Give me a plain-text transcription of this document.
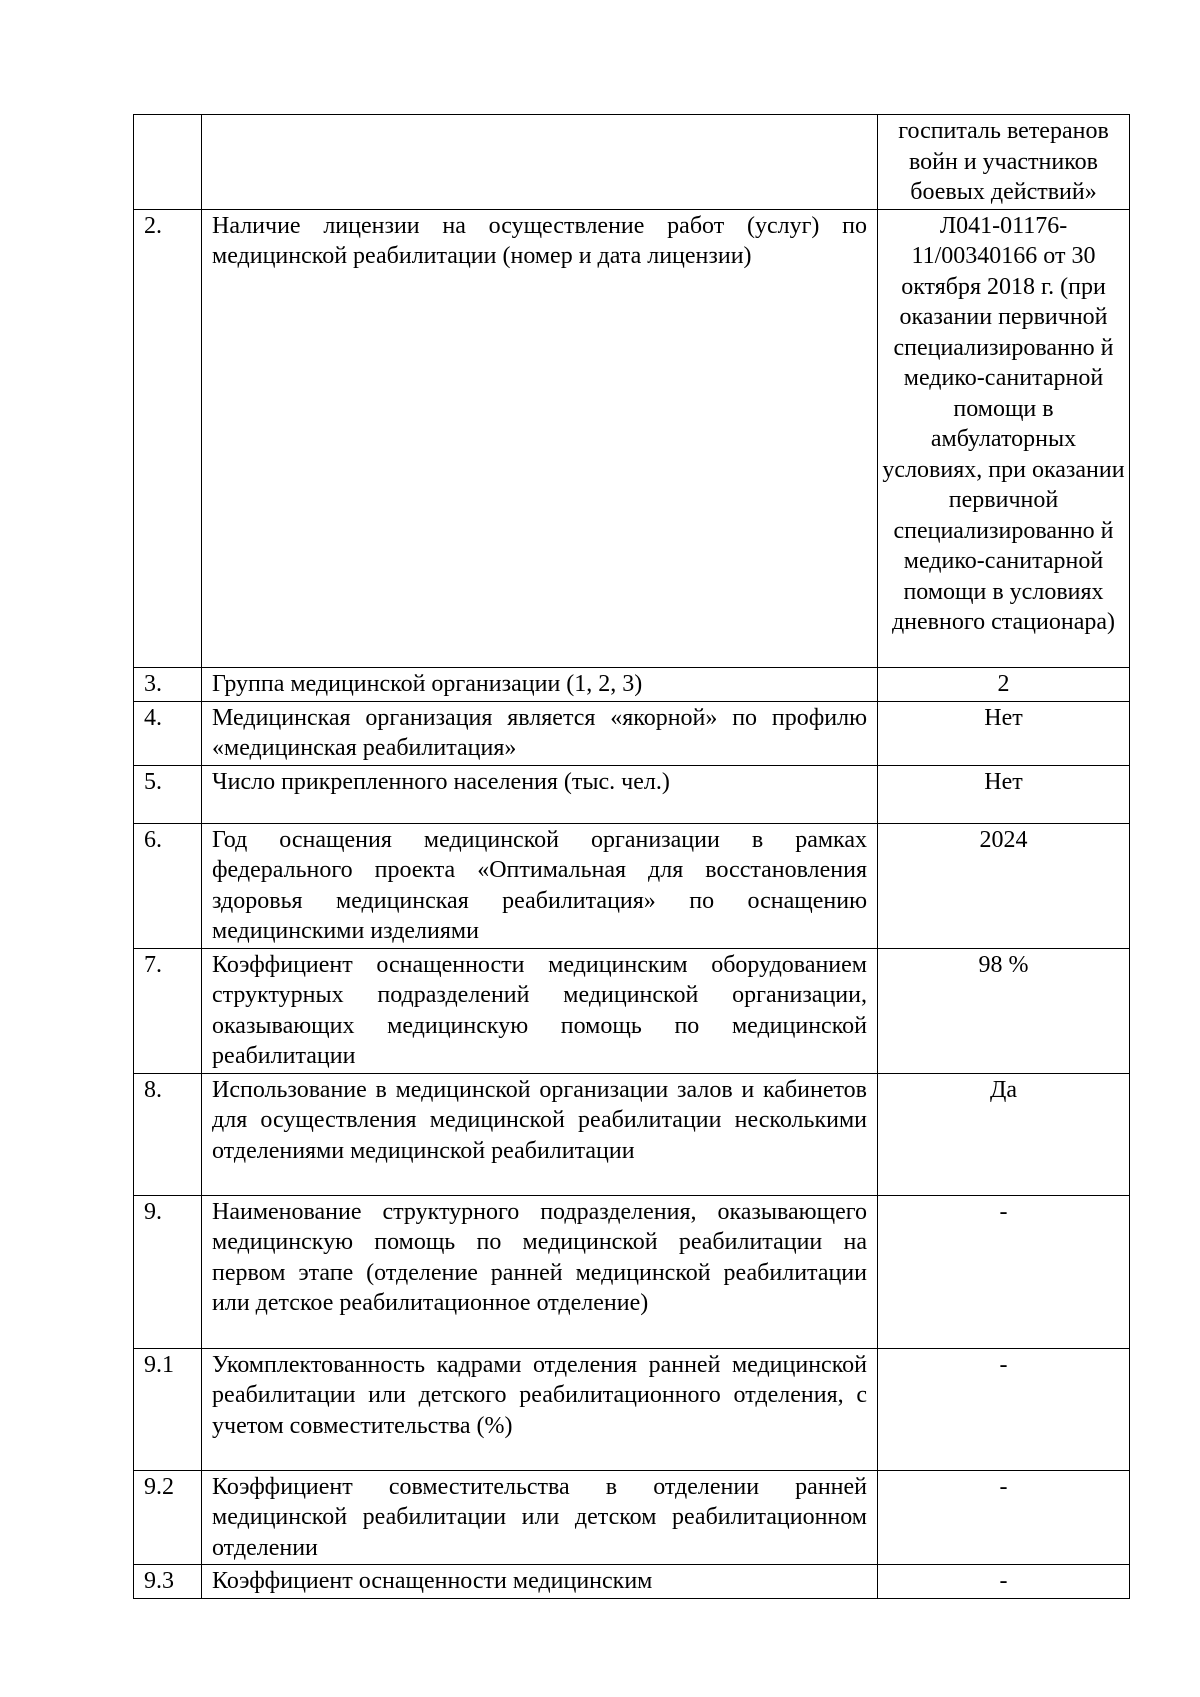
		госпиталь ветеранов войн и участников боевых действий»
2.	Наличие лицензии на осуществление работ (услуг) по медицинской реабилитации (номер и дата лицензии)	Л041-01176-11/00340166 от 30 октября 2018 г. (при оказании первичной специализированно й медико-санитарной помощи в амбулаторных условиях, при оказании первичной специализированно й медико-санитарной помощи в условиях дневного стационара)
3.	Группа медицинской организации (1, 2, 3)	2
4.	Медицинская организация является «якорной» по профилю «медицинская реабилитация»	Нет
5.	Число прикрепленного населения (тыс. чел.)	Нет
6.	Год оснащения медицинской организации в рамках федерального проекта «Оптимальная для восстановления здоровья медицинская реабилитация» по оснащению медицинскими изделиями	2024
7.	Коэффициент оснащенности медицинским оборудованием структурных подразделений медицинской организации, оказывающих медицинскую помощь по медицинской реабилитации	98 %
8.	Использование в медицинской организации залов и кабинетов для осуществления медицинской реабилитации несколькими отделениями медицинской реабилитации	Да
9.	Наименование структурного подразделения, оказывающего медицинскую помощь по медицинской реабилитации на первом этапе (отделение ранней медицинской реабилитации или детское реабилитационное отделение)	-
9.1	Укомплектованность кадрами отделения ранней медицинской реабилитации или детского реабилитационного отделения, с учетом совместительства (%)	-
9.2	Коэффициент совместительства в отделении ранней медицинской реабилитации или детском реабилитационном отделении	-
9.3	Коэффициент оснащенности медицинским	-
